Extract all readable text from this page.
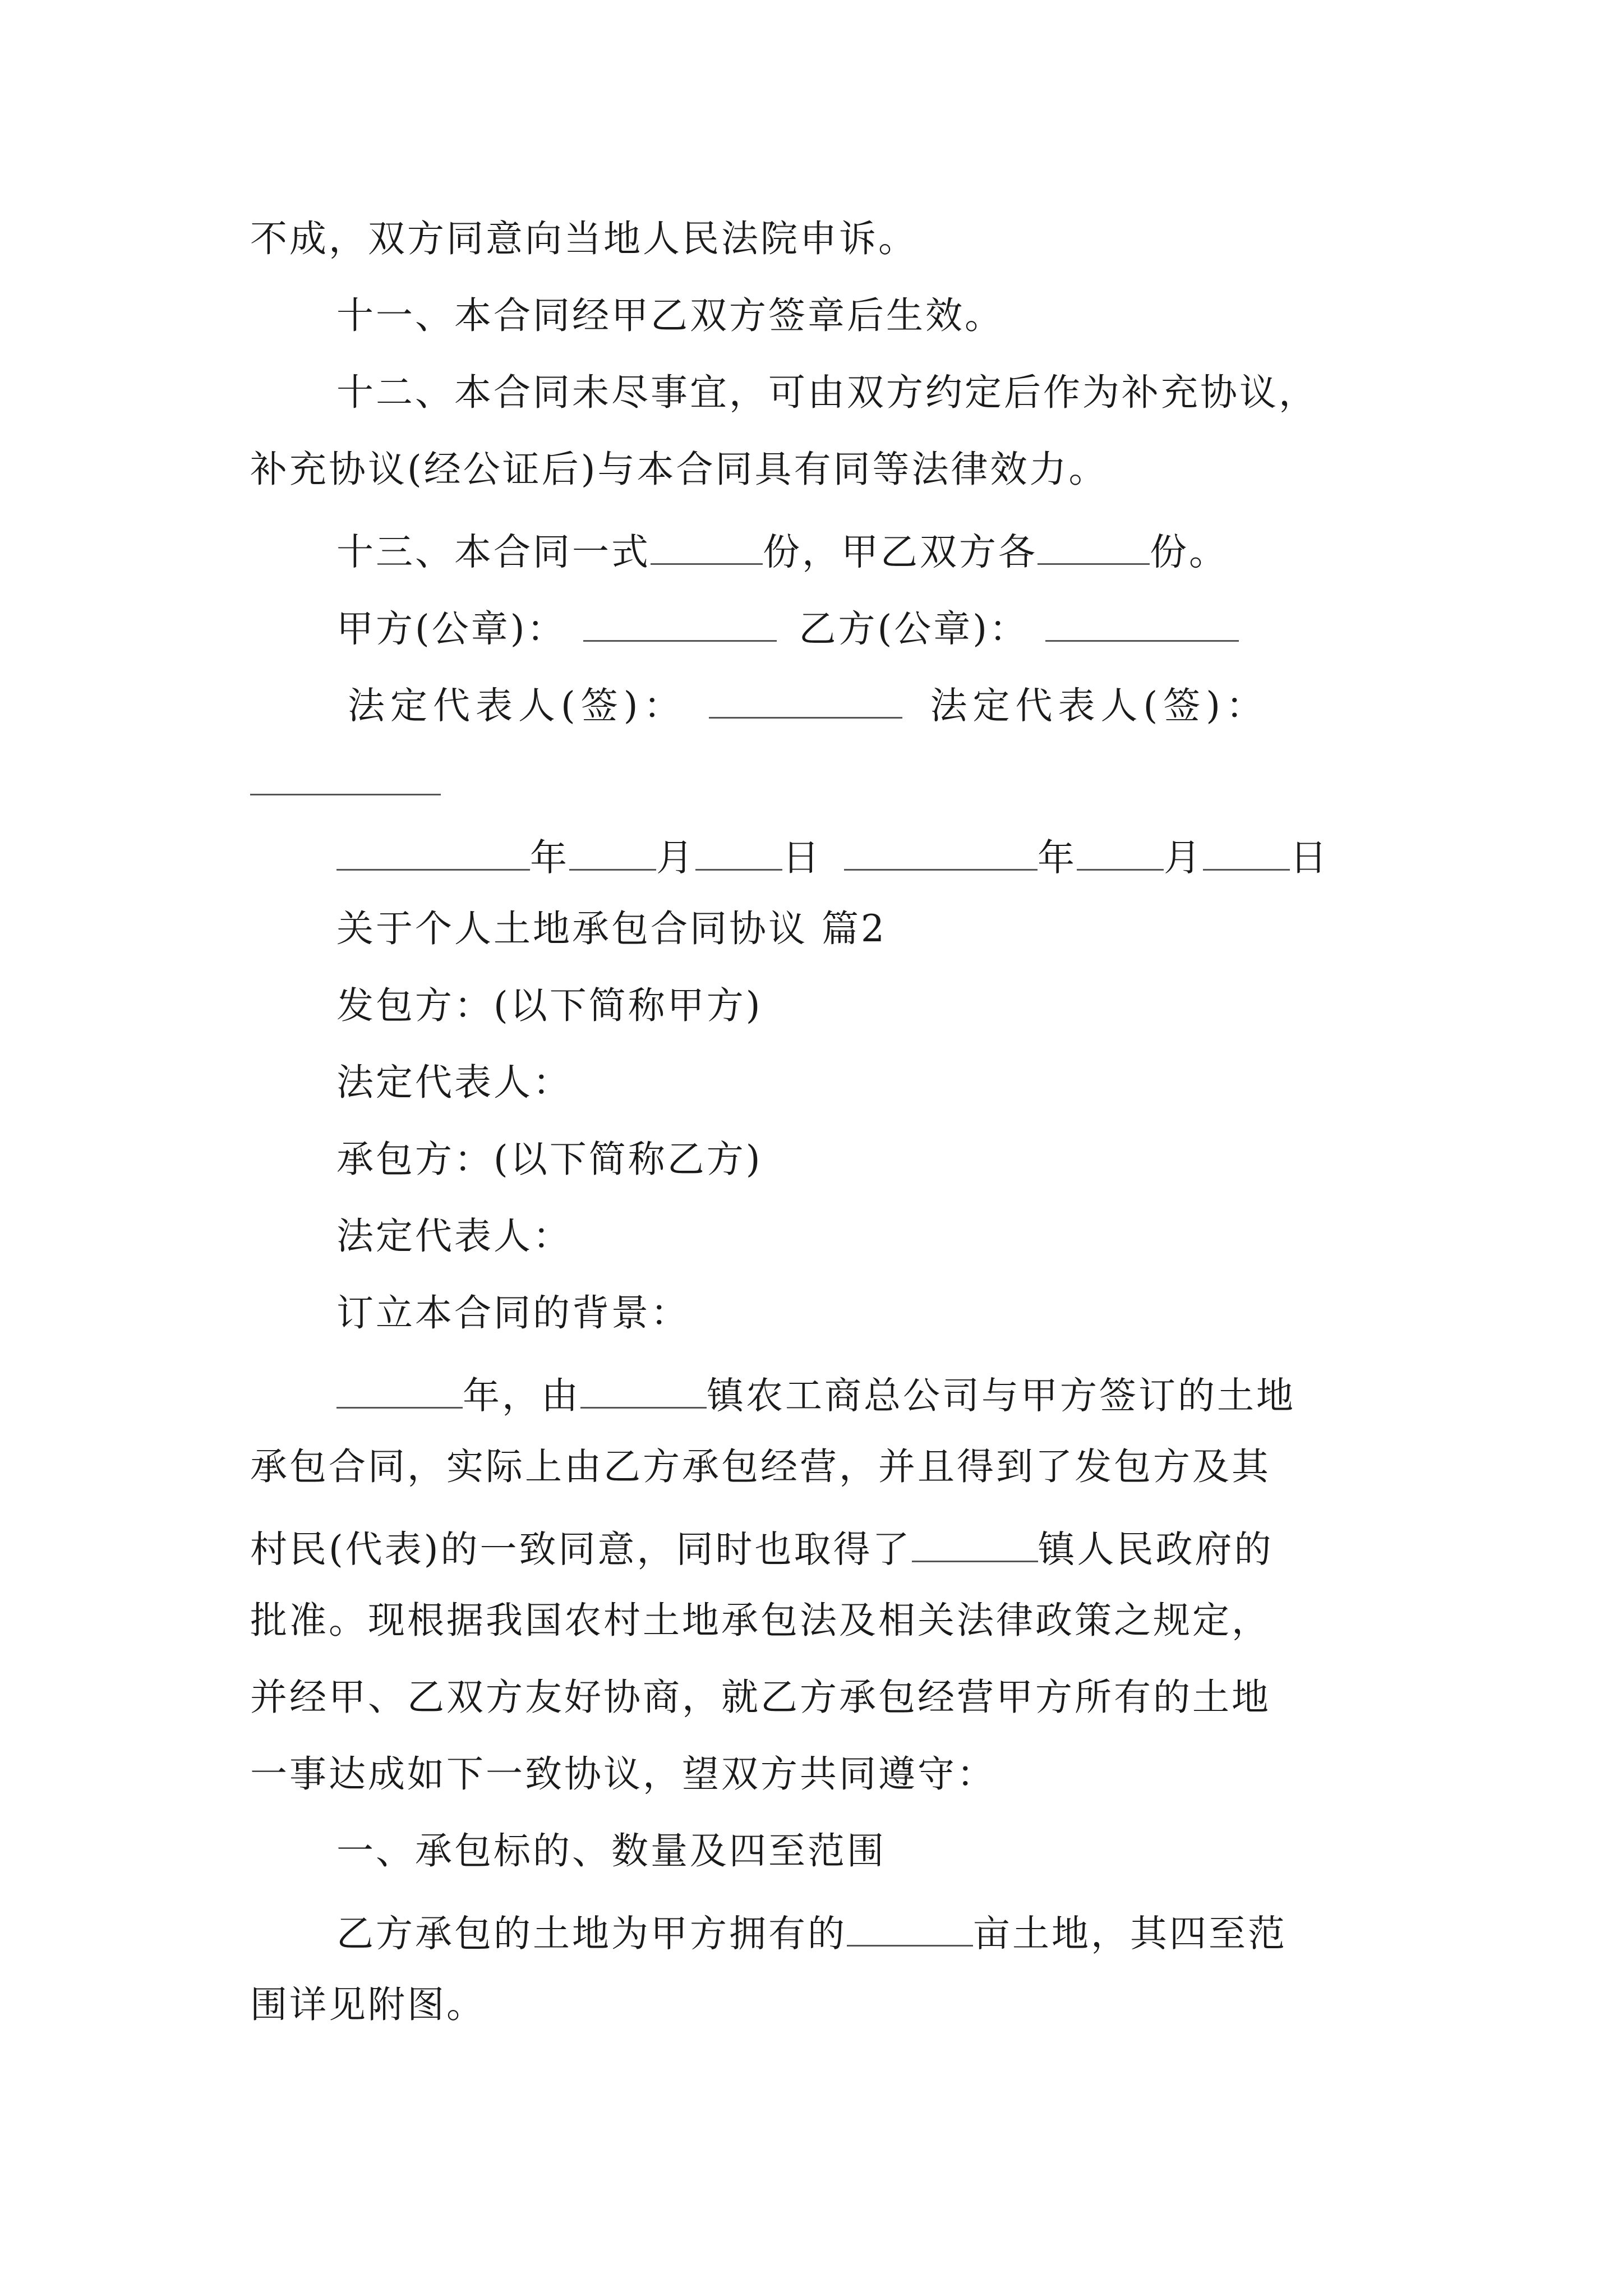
不成，双方同意向当地人民法院申诉。
十一、本合同经甲乙双方签章后生效。
十二、本合同未尽事宜，可由双方约定后作为补充协议，
补充协议(经公证后)与本合同具有同等法律效力。
十三、本合同一式	份，甲乙双方各	份。
甲方(公章)：	乙方(公章)：
法定代表人(签)：	法定代表人(签)：
年 月 日	年 月 日
关于个人土地承包合同协议 篇2
发包方：(以下简称甲方)
法定代表人：
承包方：(以下简称乙方)
法定代表人：
订立本合同的背景：
年，由	镇农工商总公司与甲方签订的土地
承包合同，实际上由乙方承包经营，并且得到了发包方及其
村民(代表)的一致同意，同时也取得了	镇人民政府的
批准。现根据我国农村土地承包法及相关法律政策之规定，
并经甲、乙双方友好协商，就乙方承包经营甲方所有的土地
一事达成如下一致协议，望双方共同遵守：
一、承包标的、数量及四至范围
乙方承包的土地为甲方拥有的	亩土地，其四至范
围详见附图。
